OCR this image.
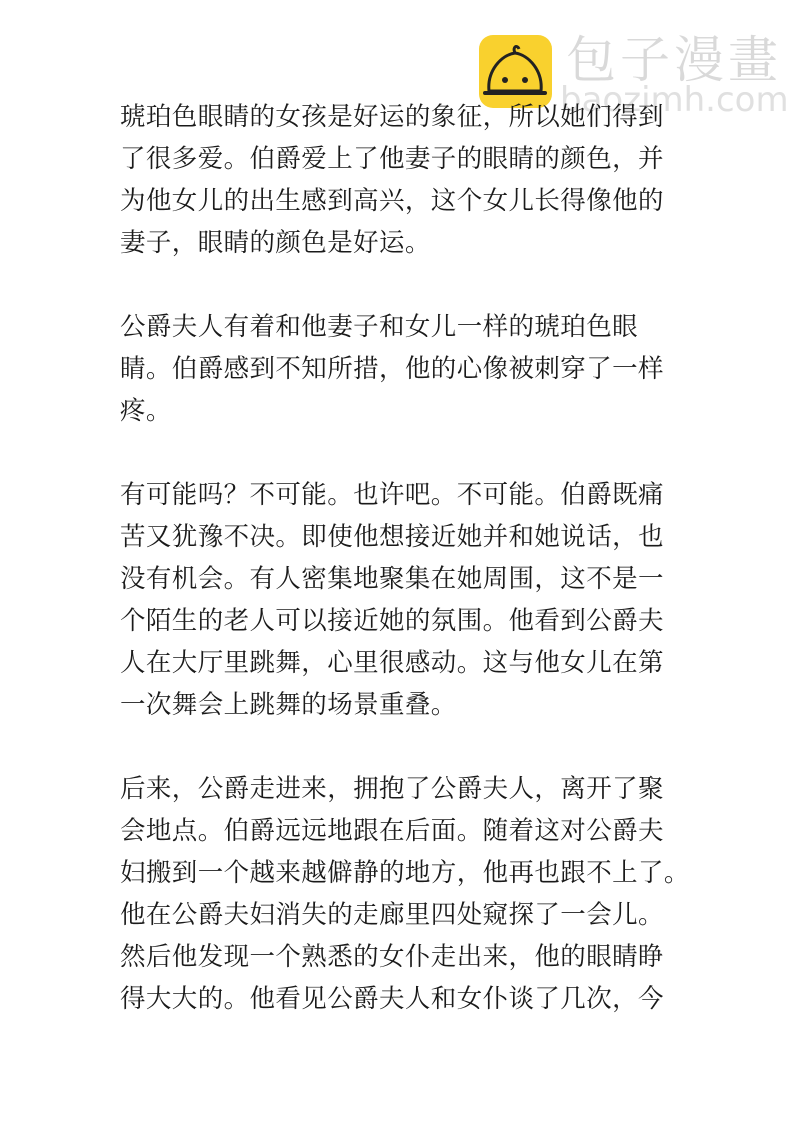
包子漫畫
baozimh.com
琥珀色眼睛的女孩是好运的象征，所以她们得到
了很多爱。伯爵爱上了他妻子的眼睛的颜色，并
为他女儿的出生感到高兴，这个女儿长得像他的
妻子，眼睛的颜色是好运。
公爵夫人有着和他妻子和女儿一样的琥珀色眼
睛。伯爵感到不知所措，他的心像被刺穿了一样
疼。
有可能吗？不可能。也许吧。不可能。伯爵既痛
苦又犹豫不决。即使他想接近她并和她说话，也
没有机会。有人密集地聚集在她周围，这不是一
个陌生的老人可以接近她的氛围。他看到公爵夫
人在大厅里跳舞，心里很感动。这与他女儿在第
一次舞会上跳舞的场景重叠。
后来，公爵走进来，拥抱了公爵夫人，离开了聚
会地点。伯爵远远地跟在后面。随着这对公爵夫
妇搬到一个越来越僻静的地方，他再也跟不上了。
他在公爵夫妇消失的走廊里四处窥探了一会儿。
然后他发现一个熟悉的女仆走出来，他的眼睛睁
得大大的。他看见公爵夫人和女仆谈了几次，今
